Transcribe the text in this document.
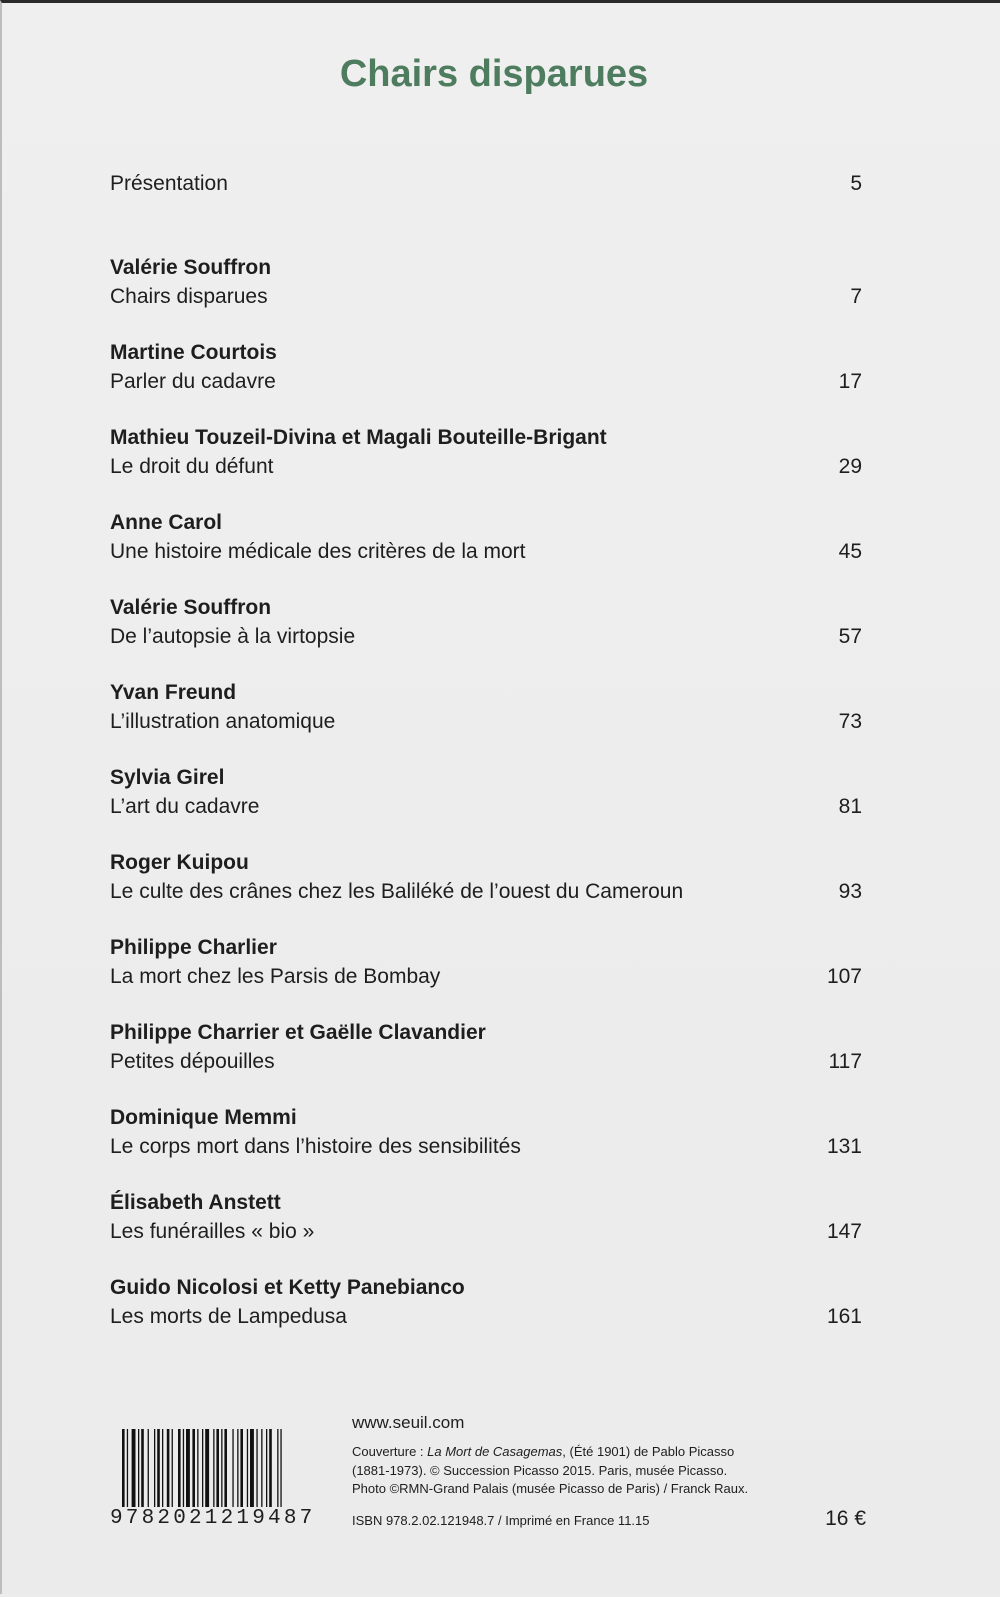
Chairs disparues
Présentation	5
Valérie Souffron
Chairs disparues	7
Martine Courtois
Parler du cadavre	17
Mathieu Touzeil-Divina et Magali Bouteille-Brigant
Le droit du défunt	29
Anne Carol
Une histoire médicale des critères de la mort	45
Valérie Souffron
De l’autopsie à la virtopsie	57
Yvan Freund
L’illustration anatomique	73
Sylvia Girel
L’art du cadavre	81
Roger Kuipou
Le culte des crânes chez les Baliléké de l’ouest du Cameroun	93
Philippe Charlier
La mort chez les Parsis de Bombay	107
Philippe Charrier et Gaëlle Clavandier
Petites dépouilles	117
Dominique Memmi
Le corps mort dans l’histoire des sensibilités	131
Élisabeth Anstett
Les funérailles « bio »	147
Guido Nicolosi et Ketty Panebianco
Les morts de Lampedusa	161
9782021219487
www.seuil.com
Couverture : La Mort de Casagemas, (Été 1901) de Pablo Picasso
(1881-1973). © Succession Picasso 2015. Paris, musée Picasso.
Photo ©RMN-Grand Palais (musée Picasso de Paris) / Franck Raux.
ISBN 978.2.02.121948.7 / Imprimé en France 11.15	16 €
